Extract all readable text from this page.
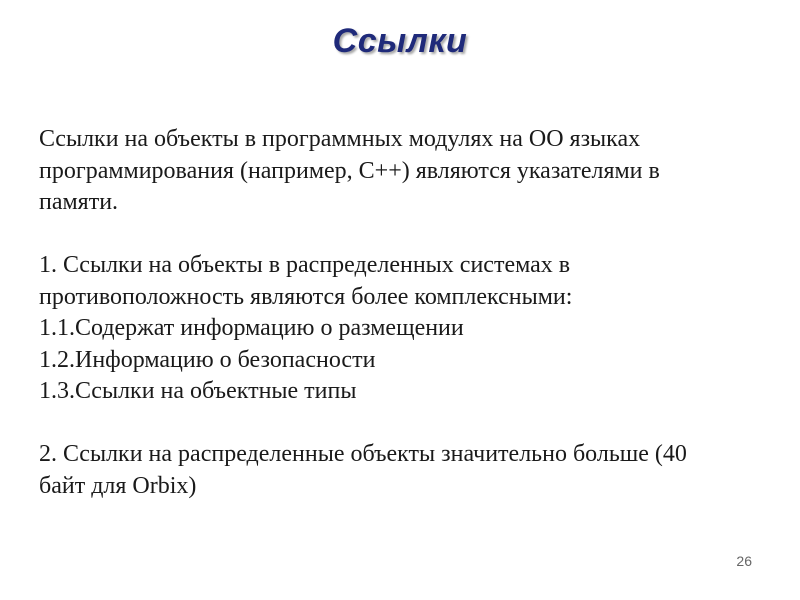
Ссылки
Ссылки на объекты в программных модулях на ОО языках
программирования (например, С++) являются указателями в
памяти.
1. Ссылки на объекты в распределенных системах в
противоположность являются более комплексными:
1.1.Содержат информацию о размещении
1.2.Информацию о безопасности
1.3.Ссылки на объектные типы
2. Ссылки на распределенные объекты значительно больше (40
байт для Orbix)
26
